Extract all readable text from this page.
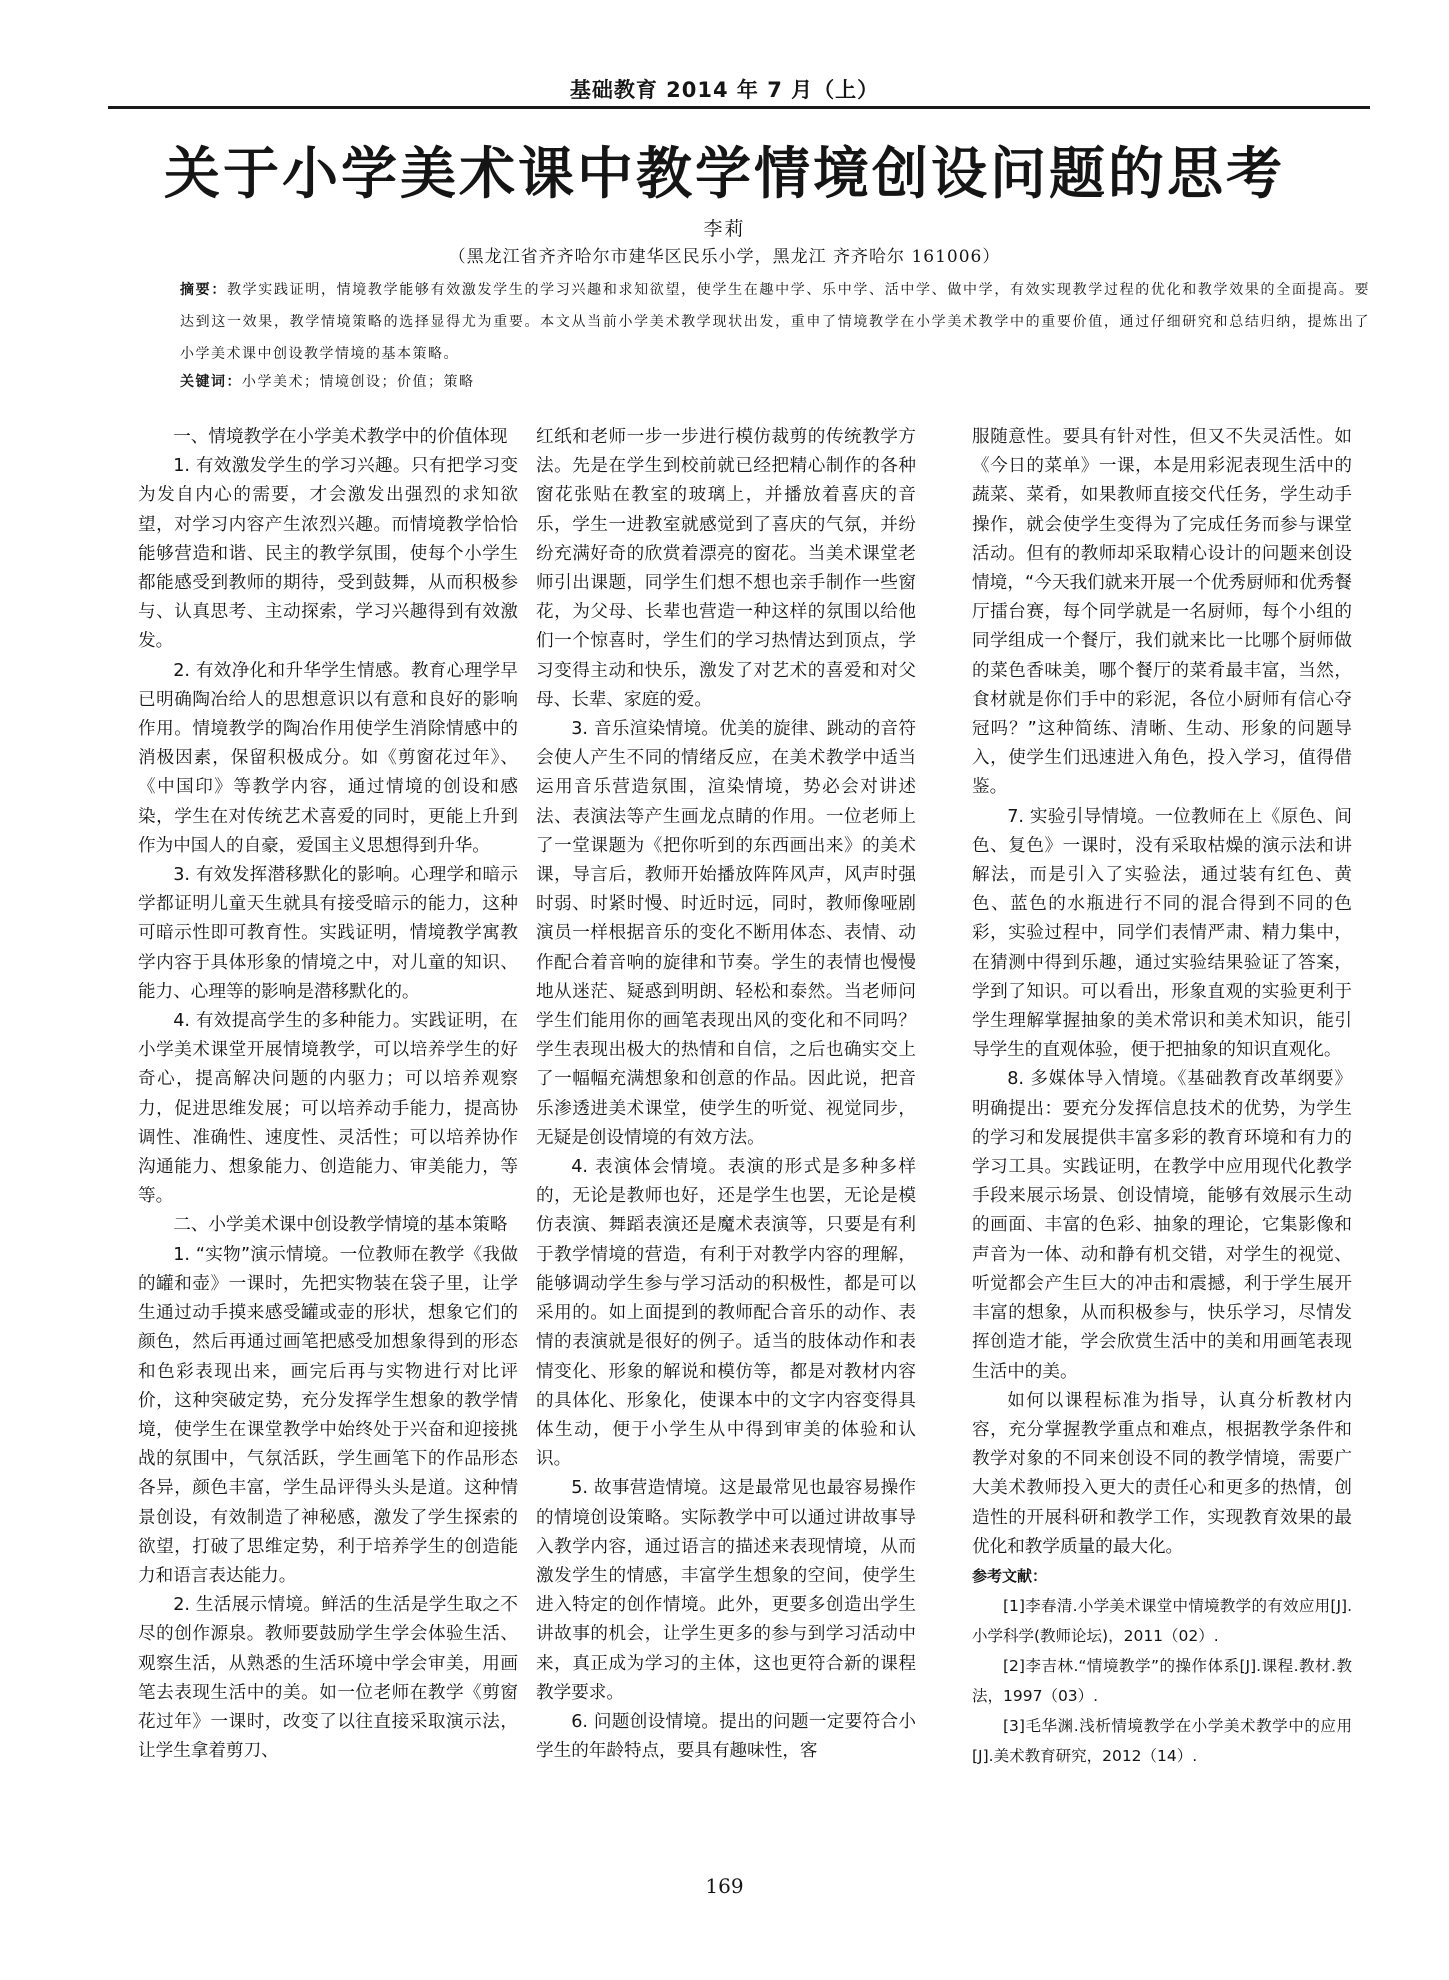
基础教育 2014 年 7 月（上）
关于小学美术课中教学情境创设问题的思考
李莉
（黑龙江省齐齐哈尔市建华区民乐小学，黑龙江 齐齐哈尔 161006）
摘要：教学实践证明，情境教学能够有效激发学生的学习兴趣和求知欲望，使学生在趣中学、乐中学、活中学、做中学，有效实现教学过程的优化和教学效果的全面提高。要达到这一效果，教学情境策略的选择显得尤为重要。本文从当前小学美术教学现状出发，重申了情境教学在小学美术教学中的重要价值，通过仔细研究和总结归纳，提炼出了小学美术课中创设教学情境的基本策略。
关键词：小学美术；情境创设；价值；策略
一、情境教学在小学美术教学中的价值体现

1. 有效激发学生的学习兴趣。只有把学习变为发自内心的需要，才会激发出强烈的求知欲望，对学习内容产生浓烈兴趣。而情境教学恰恰能够营造和谐、民主的教学氛围，使每个小学生都能感受到教师的期待，受到鼓舞，从而积极参与、认真思考、主动探索，学习兴趣得到有效激发。

2. 有效净化和升华学生情感。教育心理学早已明确陶冶给人的思想意识以有意和良好的影响作用。情境教学的陶冶作用使学生消除情感中的消极因素，保留积极成分。如《剪窗花过年》、《中国印》等教学内容，通过情境的创设和感染，学生在对传统艺术喜爱的同时，更能上升到作为中国人的自豪，爱国主义思想得到升华。

3. 有效发挥潜移默化的影响。心理学和暗示学都证明儿童天生就具有接受暗示的能力，这种可暗示性即可教育性。实践证明，情境教学寓教学内容于具体形象的情境之中，对儿童的知识、能力、心理等的影响是潜移默化的。

4. 有效提高学生的多种能力。实践证明，在小学美术课堂开展情境教学，可以培养学生的好奇心，提高解决问题的内驱力；可以培养观察力，促进思维发展；可以培养动手能力，提高协调性、准确性、速度性、灵活性；可以培养协作沟通能力、想象能力、创造能力、审美能力，等等。

二、小学美术课中创设教学情境的基本策略

1. “实物”演示情境。一位教师在教学《我做的罐和壶》一课时，先把实物装在袋子里，让学生通过动手摸来感受罐或壶的形状，想象它们的颜色，然后再通过画笔把感受加想象得到的形态和色彩表现出来，画完后再与实物进行对比评价，这种突破定势，充分发挥学生想象的教学情境，使学生在课堂教学中始终处于兴奋和迎接挑战的氛围中，气氛活跃，学生画笔下的作品形态各异，颜色丰富，学生品评得头头是道。这种情景创设，有效制造了神秘感，激发了学生探索的欲望，打破了思维定势，利于培养学生的创造能力和语言表达能力。

2. 生活展示情境。鲜活的生活是学生取之不尽的创作源泉。教师要鼓励学生学会体验生活、观察生活，从熟悉的生活环境中学会审美，用画笔去表现生活中的美。如一位老师在教学《剪窗花过年》一课时，改变了以往直接采取演示法，让学生拿着剪刀、

红纸和老师一步一步进行模仿裁剪的传统教学方法。先是在学生到校前就已经把精心制作的各种窗花张贴在教室的玻璃上，并播放着喜庆的音乐，学生一进教室就感觉到了喜庆的气氛，并纷纷充满好奇的欣赏着漂亮的窗花。当美术课堂老师引出课题，同学生们想不想也亲手制作一些窗花，为父母、长辈也营造一种这样的氛围以给他们一个惊喜时，学生们的学习热情达到顶点，学习变得主动和快乐，激发了对艺术的喜爱和对父母、长辈、家庭的爱。

3. 音乐渲染情境。优美的旋律、跳动的音符会使人产生不同的情绪反应，在美术教学中适当运用音乐营造氛围，渲染情境，势必会对讲述法、表演法等产生画龙点睛的作用。一位老师上了一堂课题为《把你听到的东西画出来》的美术课，导言后，教师开始播放阵阵风声，风声时强时弱、时紧时慢、时近时远，同时，教师像哑剧演员一样根据音乐的变化不断用体态、表情、动作配合着音响的旋律和节奏。学生的表情也慢慢地从迷茫、疑惑到明朗、轻松和泰然。当老师问学生们能用你的画笔表现出风的变化和不同吗？学生表现出极大的热情和自信，之后也确实交上了一幅幅充满想象和创意的作品。因此说，把音乐渗透进美术课堂，使学生的听觉、视觉同步，无疑是创设情境的有效方法。

4. 表演体会情境。表演的形式是多种多样的，无论是教师也好，还是学生也罢，无论是模仿表演、舞蹈表演还是魔术表演等，只要是有利于教学情境的营造，有利于对教学内容的理解，能够调动学生参与学习活动的积极性，都是可以采用的。如上面提到的教师配合音乐的动作、表情的表演就是很好的例子。适当的肢体动作和表情变化、形象的解说和模仿等，都是对教材内容的具体化、形象化，使课本中的文字内容变得具体生动，便于小学生从中得到审美的体验和认识。

5. 故事营造情境。这是最常见也最容易操作的情境创设策略。实际教学中可以通过讲故事导入教学内容，通过语言的描述来表现情境，从而激发学生的情感，丰富学生想象的空间，使学生进入特定的创作情境。此外，更要多创造出学生讲故事的机会，让学生更多的参与到学习活动中来，真正成为学习的主体，这也更符合新的课程教学要求。

6. 问题创设情境。提出的问题一定要符合小学生的年龄特点，要具有趣味性，客

服随意性。要具有针对性，但又不失灵活性。如《今日的菜单》一课，本是用彩泥表现生活中的蔬菜、菜肴，如果教师直接交代任务，学生动手操作，就会使学生变得为了完成任务而参与课堂活动。但有的教师却采取精心设计的问题来创设情境，“今天我们就来开展一个优秀厨师和优秀餐厅擂台赛，每个同学就是一名厨师，每个小组的同学组成一个餐厅，我们就来比一比哪个厨师做的菜色香味美，哪个餐厅的菜肴最丰富，当然，食材就是你们手中的彩泥，各位小厨师有信心夺冠吗？”这种简练、清晰、生动、形象的问题导入，使学生们迅速进入角色，投入学习，值得借鉴。

7. 实验引导情境。一位教师在上《原色、间色、复色》一课时，没有采取枯燥的演示法和讲解法，而是引入了实验法，通过装有红色、黄色、蓝色的水瓶进行不同的混合得到不同的色彩，实验过程中，同学们表情严肃、精力集中，在猜测中得到乐趣，通过实验结果验证了答案，学到了知识。可以看出，形象直观的实验更利于学生理解掌握抽象的美术常识和美术知识，能引导学生的直观体验，便于把抽象的知识直观化。

8. 多媒体导入情境。《基础教育改革纲要》明确提出：要充分发挥信息技术的优势，为学生的学习和发展提供丰富多彩的教育环境和有力的学习工具。实践证明，在教学中应用现代化教学手段来展示场景、创设情境，能够有效展示生动的画面、丰富的色彩、抽象的理论，它集影像和声音为一体、动和静有机交错，对学生的视觉、听觉都会产生巨大的冲击和震撼，利于学生展开丰富的想象，从而积极参与，快乐学习，尽情发挥创造才能，学会欣赏生活中的美和用画笔表现生活中的美。

如何以课程标准为指导，认真分析教材内容，充分掌握教学重点和难点，根据教学条件和教学对象的不同来创设不同的教学情境，需要广大美术教师投入更大的责任心和更多的热情，创造性的开展科研和教学工作，实现教育效果的最优化和教学质量的最大化。

参考文献：

[1]李春清.小学美术课堂中情境教学的有效应用[J].小学科学(教师论坛)，2011（02）.

[2]李吉林.“情境教学”的操作体系[J].课程.教材.教法，1997（03）.

[3]毛华渊.浅析情境教学在小学美术教学中的应用[J].美术教育研究，2012（14）.

169
